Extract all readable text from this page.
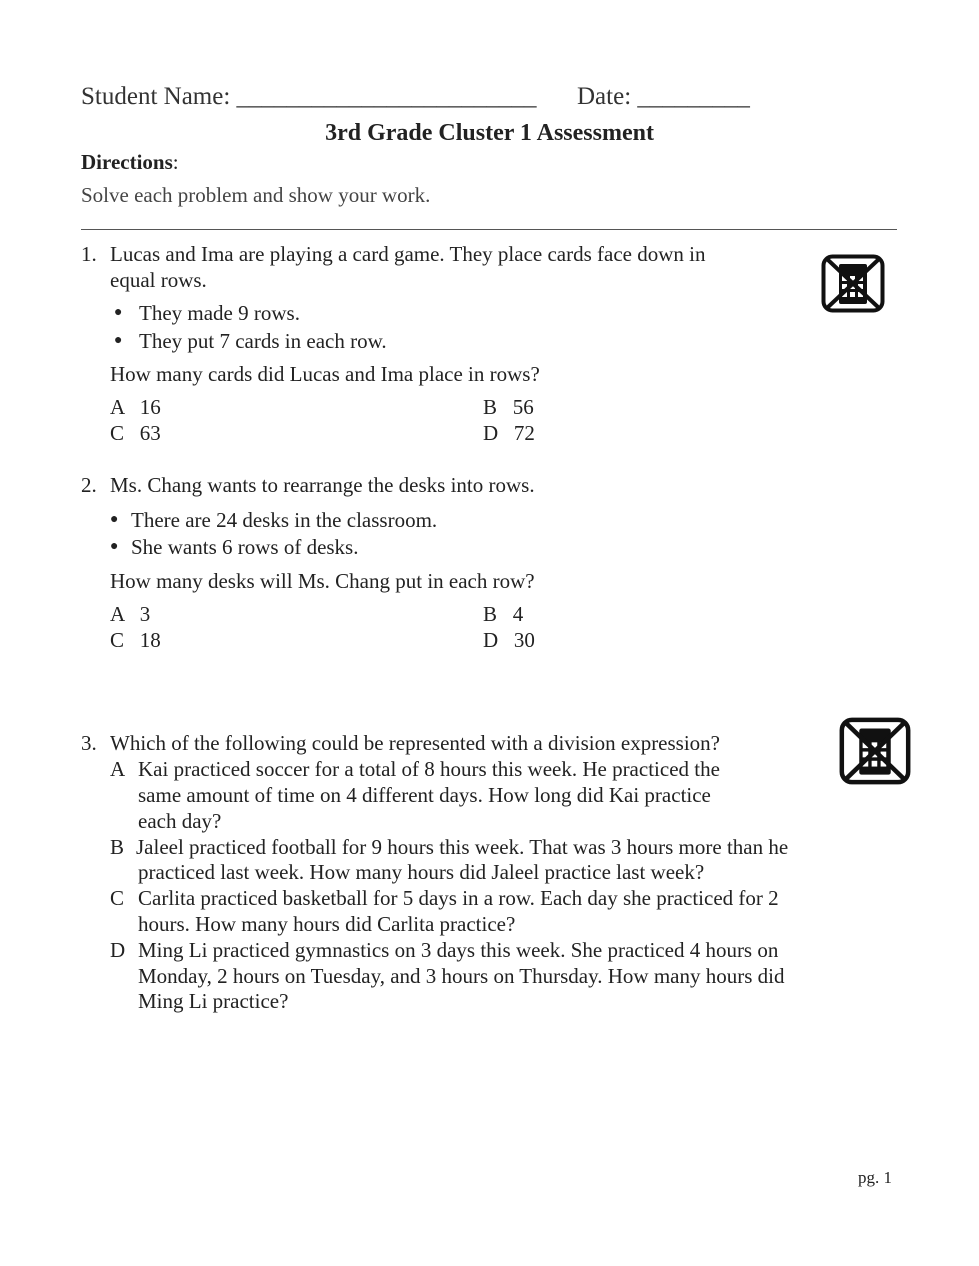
Student Name: ________________________ Date: _________
3rd Grade Cluster 1 Assessment
Directions:
Solve each problem and show your work.
1. Lucas and Ima are playing a card game. They place cards face down in
equal rows.
● They made 9 rows.
● They put 7 cards in each row.
How many cards did Lucas and Ima place in rows?
A   16	B   56
C   63	D   72
2. Ms. Chang wants to rearrange the desks into rows.
● There are 24 desks in the classroom.
● She wants 6 rows of desks.
How many desks will Ms. Chang put in each row?
A   3	B   4
C   18	D   30
3. Which of the following could be represented with a division expression?
A Kai practiced soccer for a total of 8 hours this week. He practiced the
same amount of time on 4 different days. How long did Kai practice
each day?
B Jaleel practiced football for 9 hours this week. That was 3 hours more than he
practiced last week. How many hours did Jaleel practice last week?
C Carlita practiced basketball for 5 days in a row. Each day she practiced for 2
hours. How many hours did Carlita practice?
D Ming Li practiced gymnastics on 3 days this week. She practiced 4 hours on
Monday, 2 hours on Tuesday, and 3 hours on Thursday. How many hours did
Ming Li practice?
pg. 1
